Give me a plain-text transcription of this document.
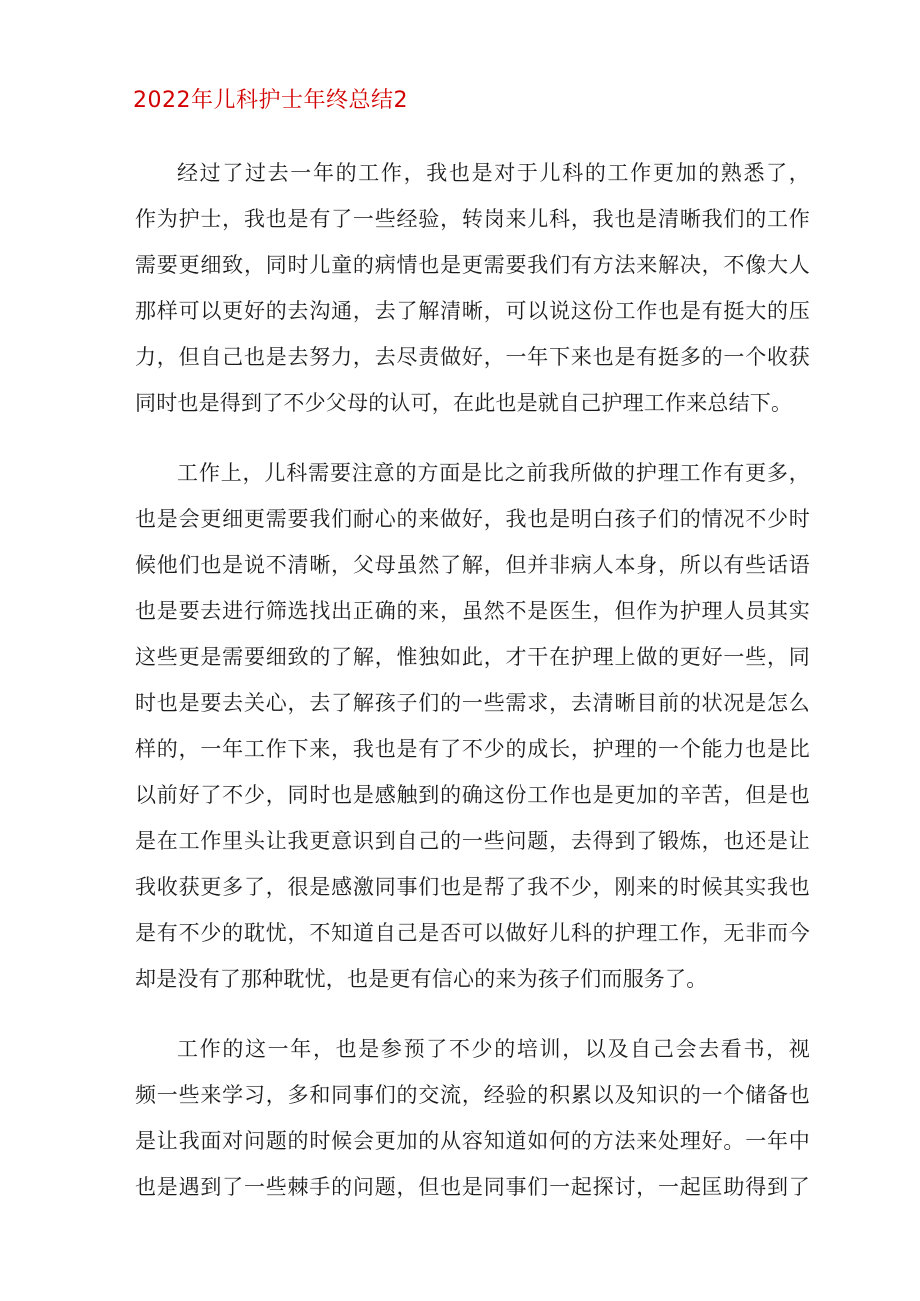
2022年儿科护士年终总结2
经过了过去一年的工作，我也是对于儿科的工作更加的熟悉了，
作为护士，我也是有了一些经验，转岗来儿科，我也是清晰我们的工作
需要更细致，同时儿童的病情也是更需要我们有方法来解决，不像大人
那样可以更好的去沟通，去了解清晰，可以说这份工作也是有挺大的压
力，但自己也是去努力，去尽责做好，一年下来也是有挺多的一个收获
同时也是得到了不少父母的认可，在此也是就自己护理工作来总结下。
工作上，儿科需要注意的方面是比之前我所做的护理工作有更多，
也是会更细更需要我们耐心的来做好，我也是明白孩子们的情况不少时
候他们也是说不清晰，父母虽然了解，但并非病人本身，所以有些话语
也是要去进行筛选找出正确的来，虽然不是医生，但作为护理人员其实
这些更是需要细致的了解，惟独如此，才干在护理上做的更好一些，同
时也是要去关心，去了解孩子们的一些需求，去清晰目前的状况是怎么
样的，一年工作下来，我也是有了不少的成长，护理的一个能力也是比
以前好了不少，同时也是感触到的确这份工作也是更加的辛苦，但是也
是在工作里头让我更意识到自己的一些问题，去得到了锻炼，也还是让
我收获更多了，很是感激同事们也是帮了我不少，刚来的时候其实我也
是有不少的耽忧，不知道自己是否可以做好儿科的护理工作，无非而今
却是没有了那种耽忧，也是更有信心的来为孩子们而服务了。
工作的这一年，也是参预了不少的培训，以及自己会去看书，视
频一些来学习，多和同事们的交流，经验的积累以及知识的一个储备也
是让我面对问题的时候会更加的从容知道如何的方法来处理好。一年中
也是遇到了一些棘手的问题，但也是同事们一起探讨，一起匡助得到了
